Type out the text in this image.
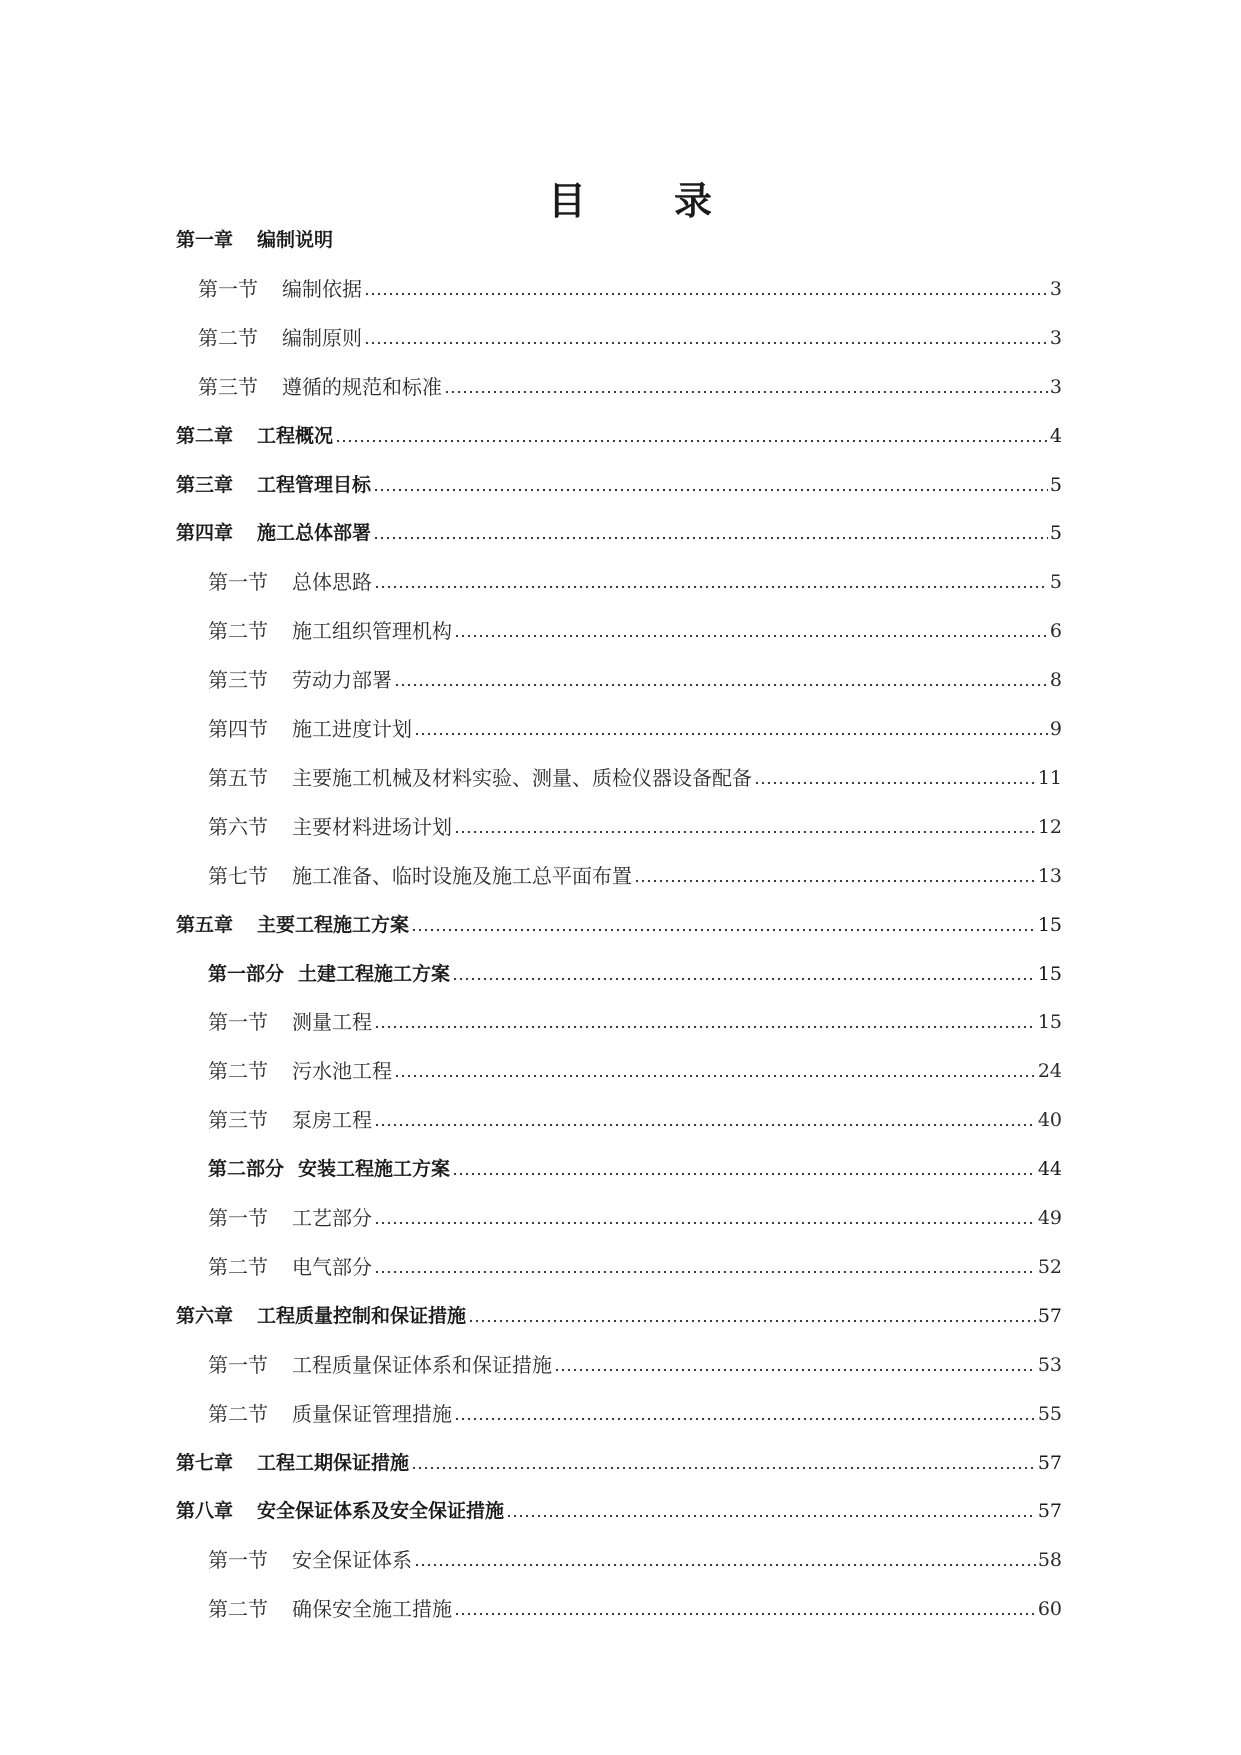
目 录
第一章 编制说明
第一节 编制依据	3
第二节 编制原则	3
第三节 遵循的规范和标准	3
第二章 工程概况	4
第三章 工程管理目标	5
第四章 施工总体部署	5
第一节 总体思路	5
第二节 施工组织管理机构	6
第三节 劳动力部署	8
第四节 施工进度计划	9
第五节 主要施工机械及材料实验、测量、质检仪器设备配备	11
第六节 主要材料进场计划	12
第七节 施工准备、临时设施及施工总平面布置	13
第五章 主要工程施工方案	15
第一部分 土建工程施工方案	15
第一节 测量工程	15
第二节 污水池工程	24
第三节 泵房工程	40
第二部分 安装工程施工方案	44
第一节 工艺部分	49
第二节 电气部分	52
第六章 工程质量控制和保证措施	57
第一节 工程质量保证体系和保证措施	53
第二节 质量保证管理措施	55
第七章 工程工期保证措施	57
第八章 安全保证体系及安全保证措施	57
第一节 安全保证体系	58
第二节 确保安全施工措施	60
